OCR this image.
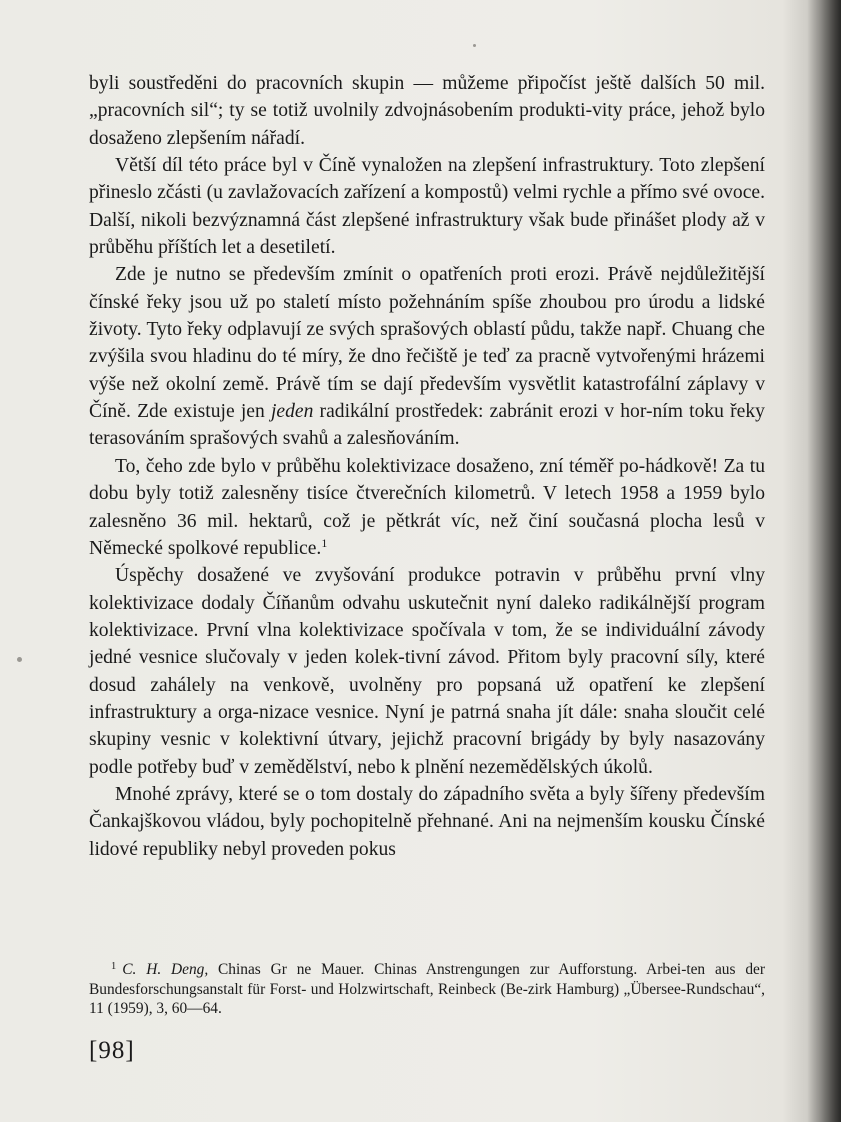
byli soustředěni do pracovních skupin — můžeme připočíst ještě dalších 50 mil. „pracovních sil“; ty se totiž uvolnily zdvojnásobením produkti-vity práce, jehož bylo dosaženo zlepšením nářadí.

Větší díl této práce byl v Číně vynaložen na zlepšení infrastruktury. Toto zlepšení přineslo zčásti (u zavlažovacích zařízení a kompostů) velmi rychle a přímo své ovoce. Další, nikoli bezvýznamná část zlepšené infrastruktury však bude přinášet plody až v průběhu příštích let a desetiletí.

Zde je nutno se především zmínit o opatřeních proti erozi. Právě nejdůležitější čínské řeky jsou už po staletí místo požehnáním spíše zhoubou pro úrodu a lidské životy. Tyto řeky odplavují ze svých sprašových oblastí půdu, takže např. Chuang che zvýšila svou hladinu do té míry, že dno řečiště je teď za pracně vytvořenými hrázemi výše než okolní země. Právě tím se dají především vysvětlit katastrofální záplavy v Číně. Zde existuje jen jeden radikální prostředek: zabránit erozi v hor-ním toku řeky terasováním sprašových svahů a zalesňováním.

To, čeho zde bylo v průběhu kolektivizace dosaženo, zní téměř po-hádkově! Za tu dobu byly totiž zalesněny tisíce čtverečních kilometrů. V letech 1958 a 1959 bylo zalesněno 36 mil. hektarů, což je pětkrát víc, než činí současná plocha lesů v Německé spolkové republice.$^1$

Úspěchy dosažené ve zvyšování produkce potravin v průběhu první vlny kolektivizace dodaly Číňanům odvahu uskutečnit nyní daleko radikálnější program kolektivizace. První vlna kolektivizace spočívala v tom, že se individuální závody jedné vesnice slučovaly v jeden kolek-tivní závod. Přitom byly pracovní síly, které dosud zahálely na venkově, uvolněny pro popsaná už opatření ke zlepšení infrastruktury a orga-nizace vesnice. Nyní je patrná snaha jít dále: snaha sloučit celé skupiny vesnic v kolektivní útvary, jejichž pracovní brigády by byly nasazovány podle potřeby buď v zemědělství, nebo k plnění nezemědělských úkolů.

Mnohé zprávy, které se o tom dostaly do západního světa a byly šířeny především Čankajškovou vládou, byly pochopitelně přehnané. Ani na nejmenším kousku Čínské lidové republiky nebyl proveden pokus

$^1$ C. H. Deng, Chinas Gr ne Mauer. Chinas Anstrengungen zur Aufforstung. Arbei-ten aus der Bundesforschungsanstalt für Forst- und Holzwirtschaft, Reinbeck (Be-zirk Hamburg) „Übersee-Rundschau“, 11 (1959), 3, 60—64.

[98]
